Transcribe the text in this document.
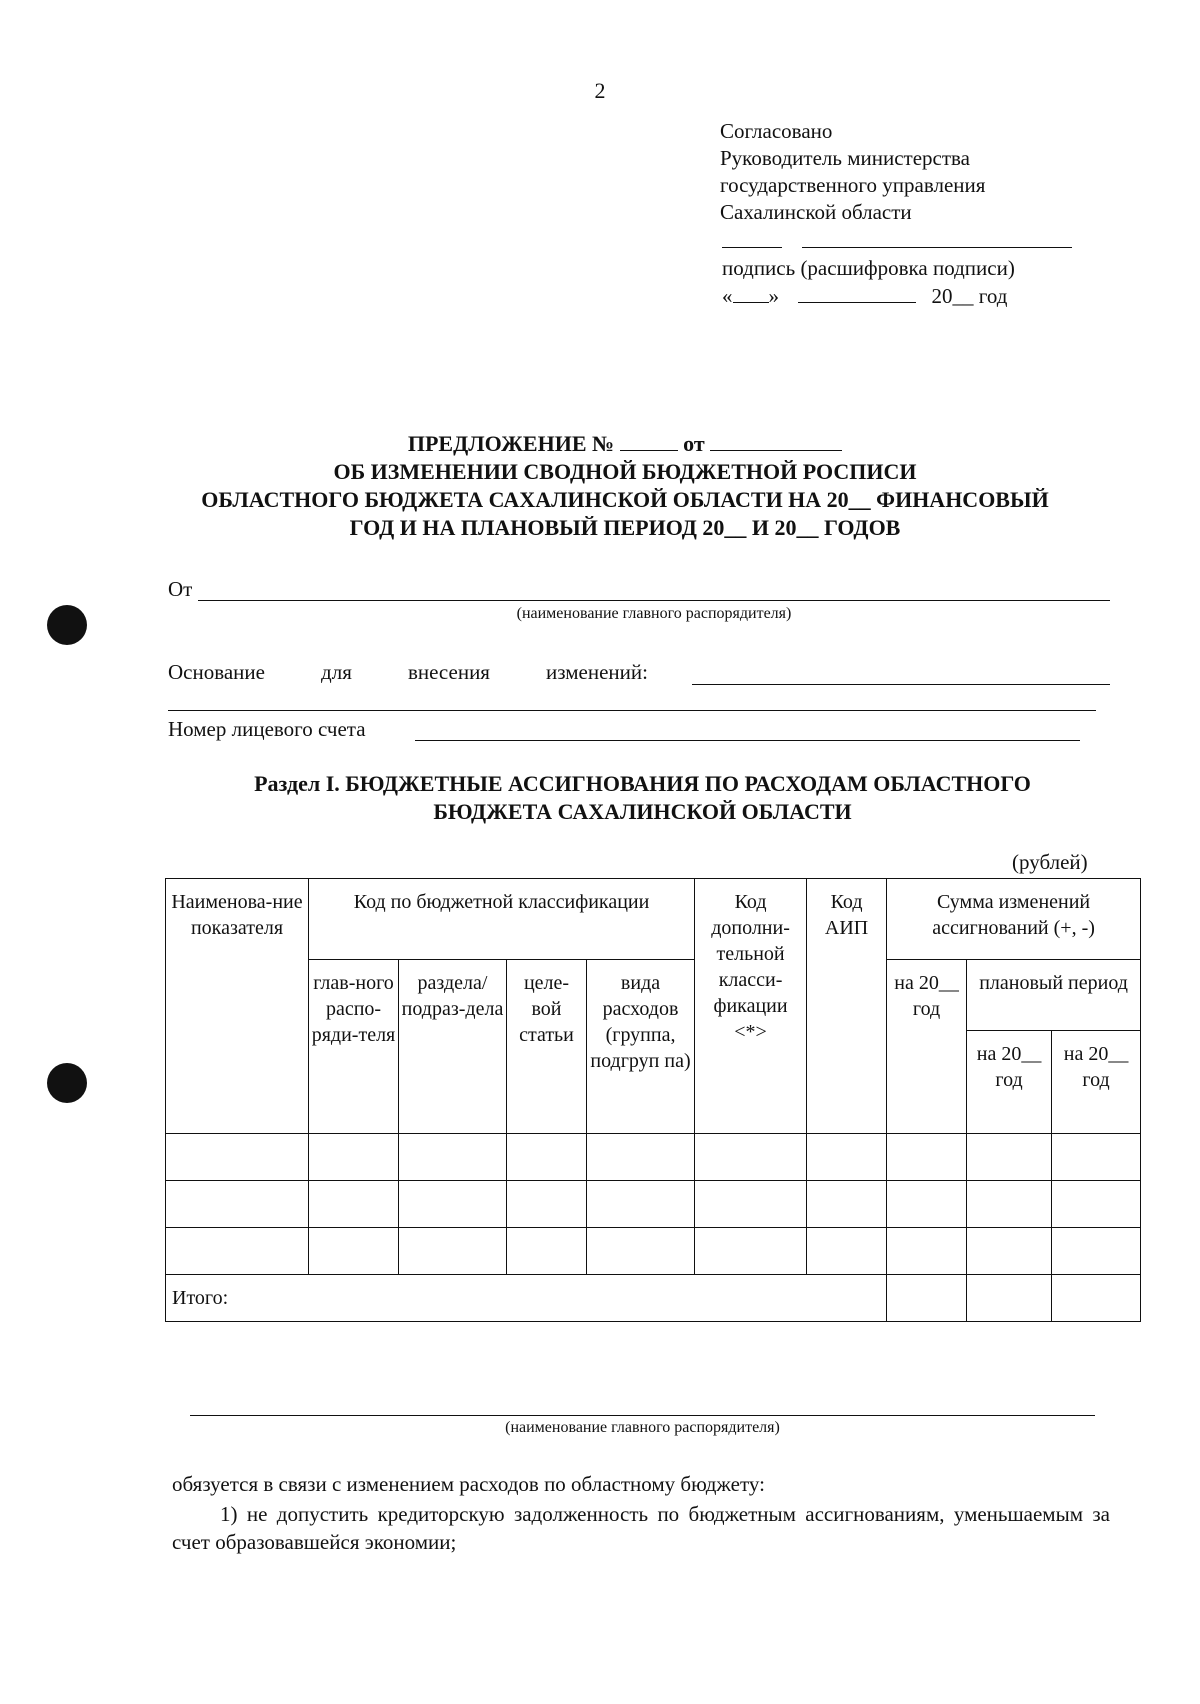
2
Согласовано
Руководитель министерства
государственного управления
Сахалинской области
подпись (расшифровка подписи)
« »	20__ год
ПРЕДЛОЖЕНИЕ №	от
ОБ ИЗМЕНЕНИИ СВОДНОЙ БЮДЖЕТНОЙ РОСПИСИ
ОБЛАСТНОГО БЮДЖЕТА САХАЛИНСКОЙ ОБЛАСТИ НА 20__ ФИНАНСОВЫЙ
ГОД И НА ПЛАНОВЫЙ ПЕРИОД 20__ И 20__ ГОДОВ
От
(наименование главного распорядителя)
Основание	для	внесения	изменений:
Номер лицевого счета
Раздел I. БЮДЖЕТНЫЕ АССИГНОВАНИЯ ПО РАСХОДАМ ОБЛАСТНОГО
БЮДЖЕТА САХАЛИНСКОЙ ОБЛАСТИ
(рублей)
Наименова-ние показателя	Код по бюджетной классификации				Код дополни-тельной класси-фикации <*>	Код АИП	Сумма изменений ассигнований (+, -)		
	глав-ного распо-ряди-теля	раздела/ подраз-дела	целе-вой статьи	вида расходов (группа, подгруп па)			на 20__ год	плановый период	
								на 20__ год	на 20__ год

Итого:									
(наименование главного распорядителя)
обязуется в связи с изменением расходов по областному бюджету:
1) не допустить кредиторскую задолженность по бюджетным ассигнованиям, уменьшаемым за счет образовавшейся экономии;
